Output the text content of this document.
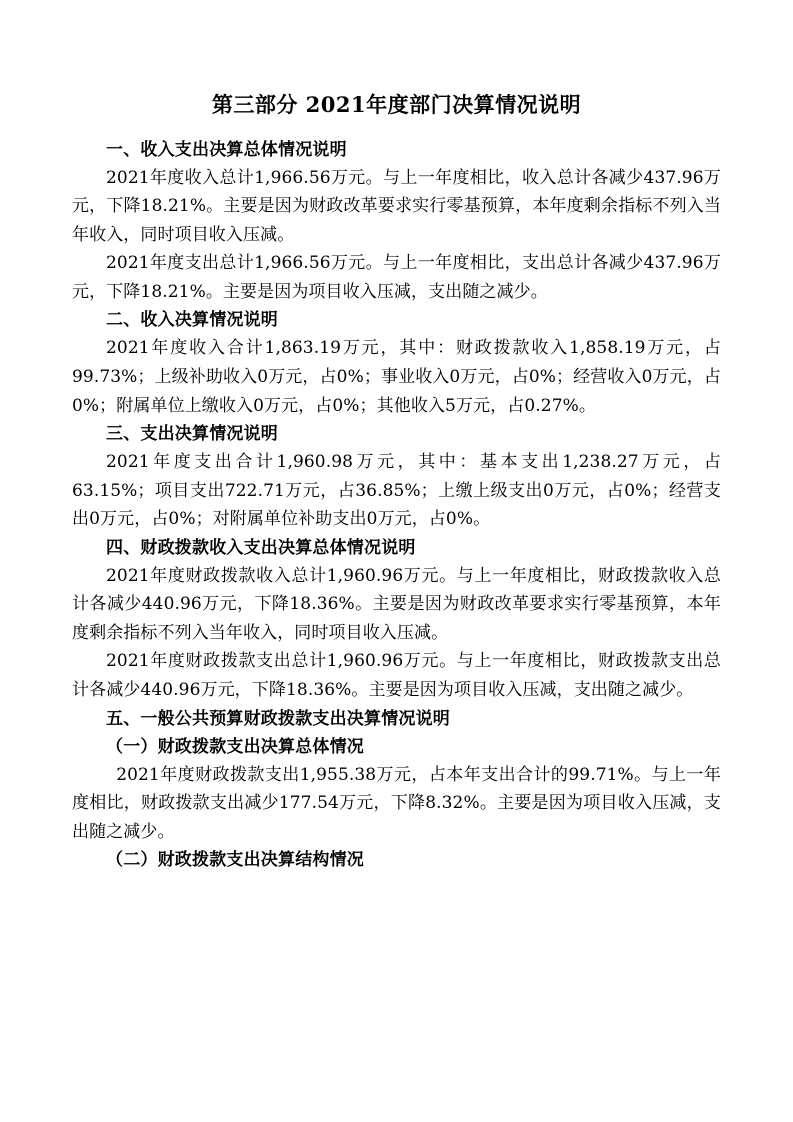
第三部分 2021年度部门决算情况说明

一、收入支出决算总体情况说明

2021年度收入总计1,966.56万元。与上一年度相比，收入总计各减少437.96万元，下降18.21%。主要是因为财政改革要求实行零基预算，本年度剩余指标不列入当年收入，同时项目收入压减。

2021年度支出总计1,966.56万元。与上一年度相比，支出总计各减少437.96万元，下降18.21%。主要是因为项目收入压减，支出随之减少。

二、收入决算情况说明

2021年度收入合计1,863.19万元，其中：财政拨款收入1,858.19万元，占99.73%；上级补助收入0万元，占0%；事业收入0万元，占0%；经营收入0万元，占0%；附属单位上缴收入0万元，占0%；其他收入5万元，占0.27%。

三、支出决算情况说明

2021年度支出合计1,960.98万元，其中：基本支出1,238.27万元，占63.15%；项目支出722.71万元，占36.85%；上缴上级支出0万元，占0%；经营支出0万元，占0%；对附属单位补助支出0万元，占0%。

四、财政拨款收入支出决算总体情况说明

2021年度财政拨款收入总计1,960.96万元。与上一年度相比，财政拨款收入总计各减少440.96万元，下降18.36%。主要是因为财政改革要求实行零基预算，本年度剩余指标不列入当年收入，同时项目收入压减。

2021年度财政拨款支出总计1,960.96万元。与上一年度相比，财政拨款支出总计各减少440.96万元，下降18.36%。主要是因为项目收入压减，支出随之减少。

五、一般公共预算财政拨款支出决算情况说明

（一）财政拨款支出决算总体情况

2021年度财政拨款支出1,955.38万元，占本年支出合计的99.71%。与上一年度相比，财政拨款支出减少177.54万元，下降8.32%。主要是因为项目收入压减，支出随之减少。

（二）财政拨款支出决算结构情况
